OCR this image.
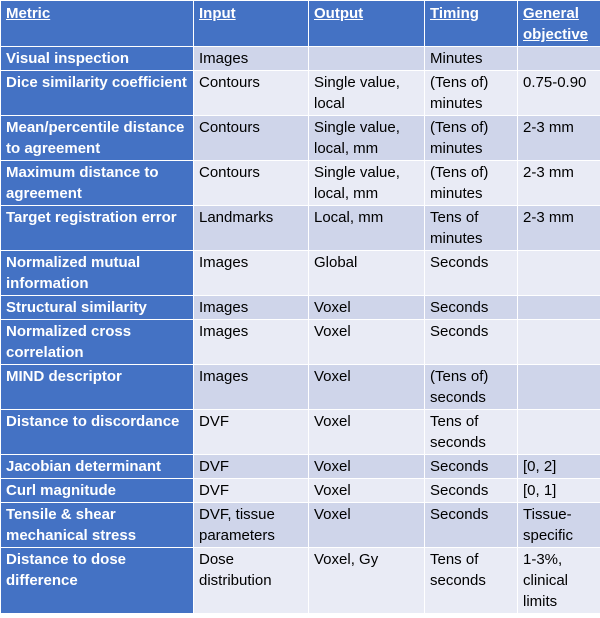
Metric	Input	Output	Timing	General objective
Visual inspection	Images		Minutes	
Dice similarity coefficient	Contours	Single value, local	(Tens of) minutes	0.75-0.90
Mean/percentile distance to agreement	Contours	Single value, local, mm	(Tens of) minutes	2-3 mm
Maximum distance to agreement	Contours	Single value, local, mm	(Tens of) minutes	2-3 mm
Target registration error	Landmarks	Local, mm	Tens of minutes	2-3 mm
Normalized mutual information	Images	Global	Seconds	
Structural similarity	Images	Voxel	Seconds	
Normalized cross correlation	Images	Voxel	Seconds	
MIND descriptor	Images	Voxel	(Tens of) seconds	
Distance to discordance	DVF	Voxel	Tens of seconds	
Jacobian determinant	DVF	Voxel	Seconds	[0, 2]
Curl magnitude	DVF	Voxel	Seconds	[0, 1]
Tensile & shear mechanical stress	DVF, tissue parameters	Voxel	Seconds	Tissue-specific
Distance to dose difference	Dose distribution	Voxel, Gy	Tens of seconds	1-3%, clinical limits
